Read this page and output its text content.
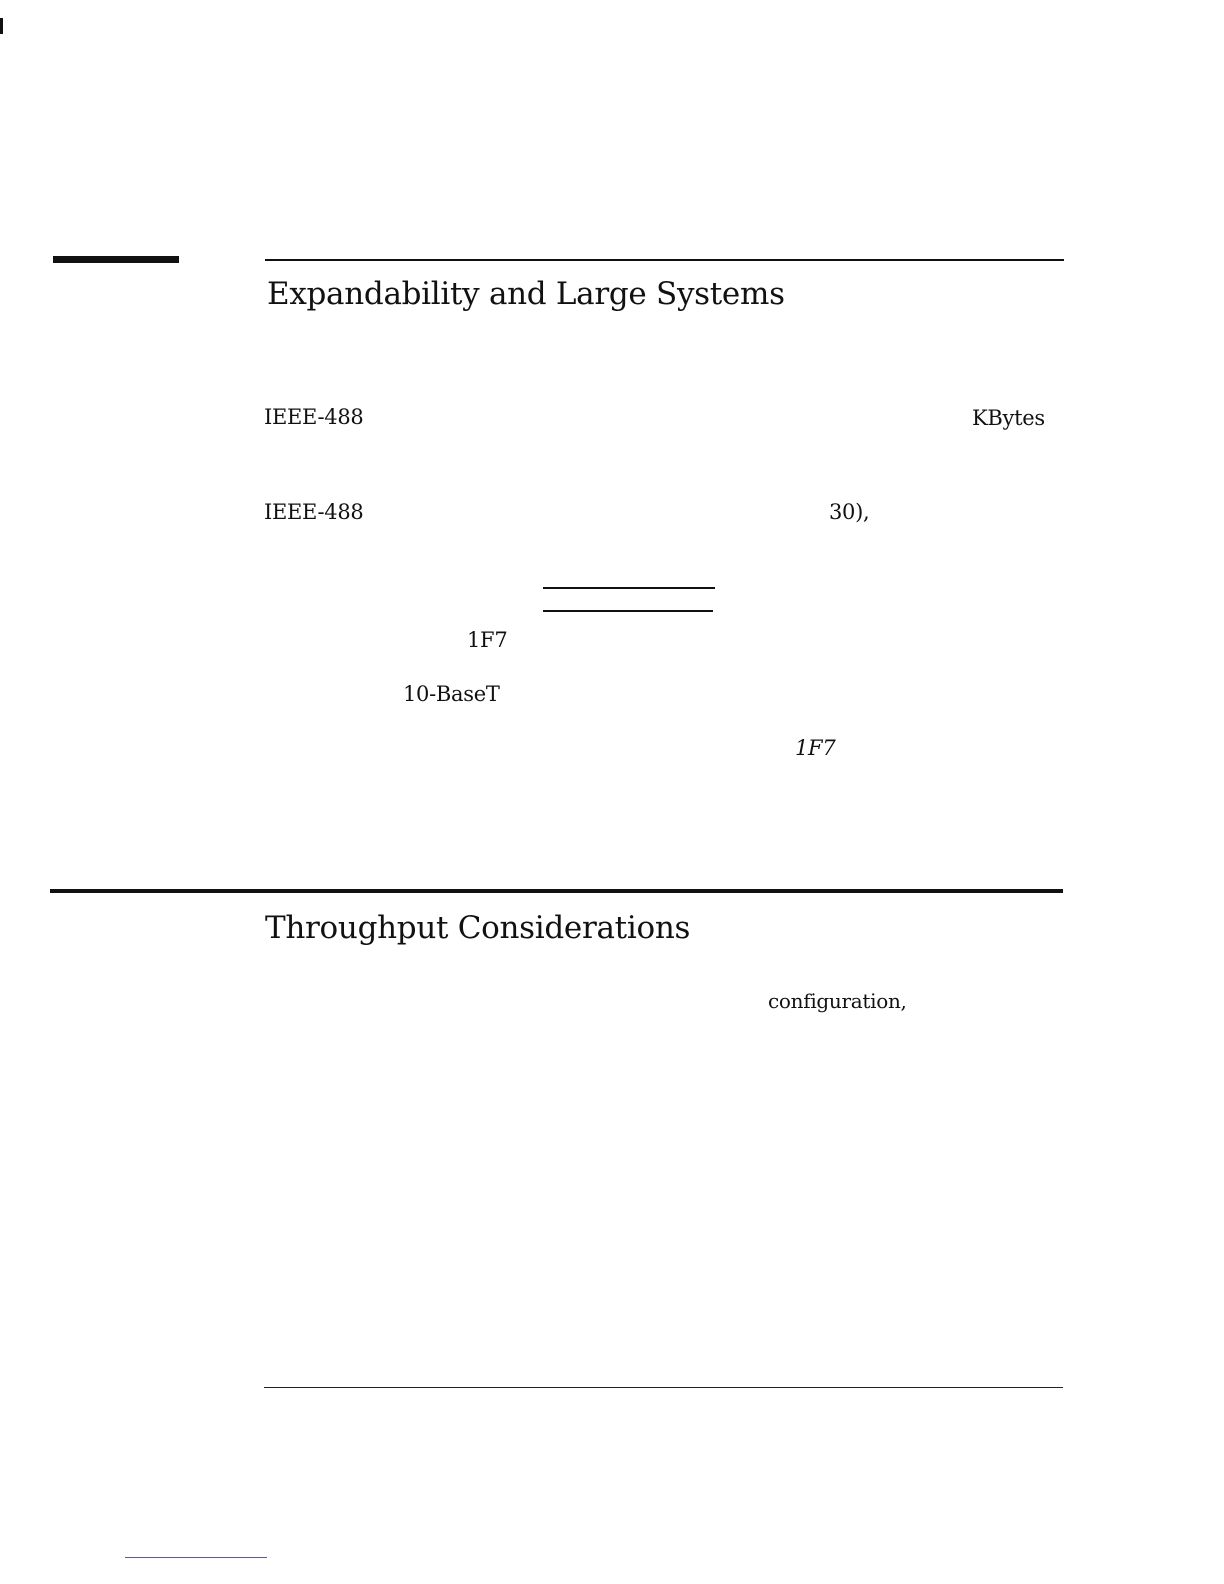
Expandability and Large Systems
IEEE-488	KBytes
IEEE-488	30),
1F7
10-BaseT
1F7
Throughput Considerations
configuration,
